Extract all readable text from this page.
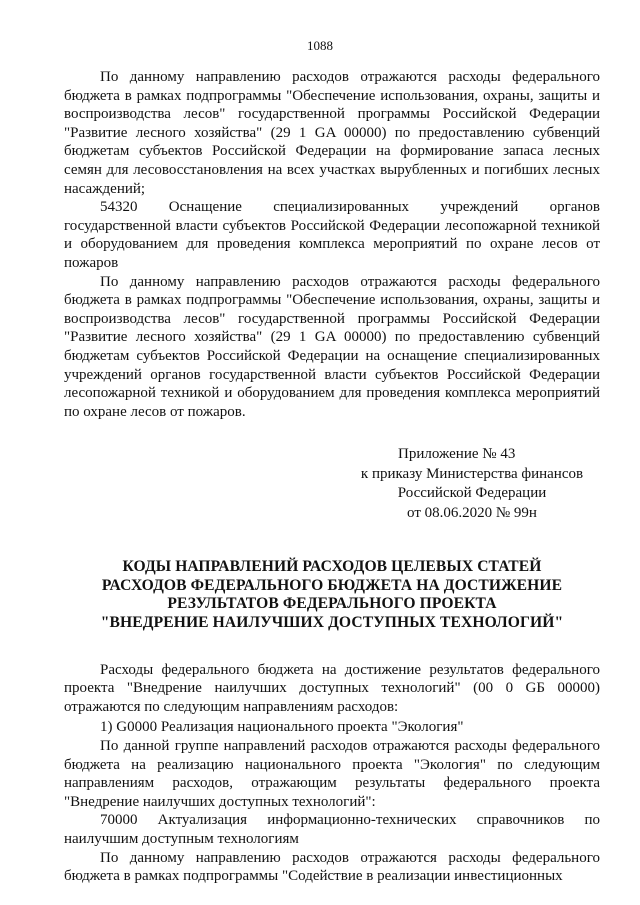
1088

По данному направлению расходов отражаются расходы федерального бюджета в рамках подпрограммы "Обеспечение использования, охраны, защиты и воспроизводства лесов" государственной программы Российской Федерации "Развитие лесного хозяйства" (29 1 GA 00000) по предоставлению субвенций бюджетам субъектов Российской Федерации на формирование запаса лесных семян для лесовосстановления на всех участках вырубленных и погибших лесных насаждений;

54320 Оснащение специализированных учреждений органов государственной власти субъектов Российской Федерации лесопожарной техникой и оборудованием для проведения комплекса мероприятий по охране лесов от пожаров

По данному направлению расходов отражаются расходы федерального бюджета в рамках подпрограммы "Обеспечение использования, охраны, защиты и воспроизводства лесов" государственной программы Российской Федерации "Развитие лесного хозяйства" (29 1 GA 00000) по предоставлению субвенций бюджетам субъектов Российской Федерации на оснащение специализированных учреждений органов государственной власти субъектов Российской Федерации лесопожарной техникой и оборудованием для проведения комплекса мероприятий по охране лесов от пожаров.

Приложение № 43
к приказу Министерства финансов
Российской Федерации
от 08.06.2020 № 99н
КОДЫ НАПРАВЛЕНИЙ РАСХОДОВ ЦЕЛЕВЫХ СТАТЕЙ
РАСХОДОВ ФЕДЕРАЛЬНОГО БЮДЖЕТА НА ДОСТИЖЕНИЕ
РЕЗУЛЬТАТОВ ФЕДЕРАЛЬНОГО ПРОЕКТА
"ВНЕДРЕНИЕ НАИЛУЧШИХ ДОСТУПНЫХ ТЕХНОЛОГИЙ"

Расходы федерального бюджета на достижение результатов федерального проекта "Внедрение наилучших доступных технологий" (00 0 GБ 00000) отражаются по следующим направлениям расходов:

1) G0000 Реализация национального проекта "Экология"

По данной группе направлений расходов отражаются расходы федерального бюджета на реализацию национального проекта "Экология" по следующим направлениям расходов, отражающим результаты федерального проекта "Внедрение наилучших доступных технологий":

70000 Актуализация информационно-технических справочников по наилучшим доступным технологиям

По данному направлению расходов отражаются расходы федерального бюджета в рамках подпрограммы "Содействие в реализации инвестиционных
